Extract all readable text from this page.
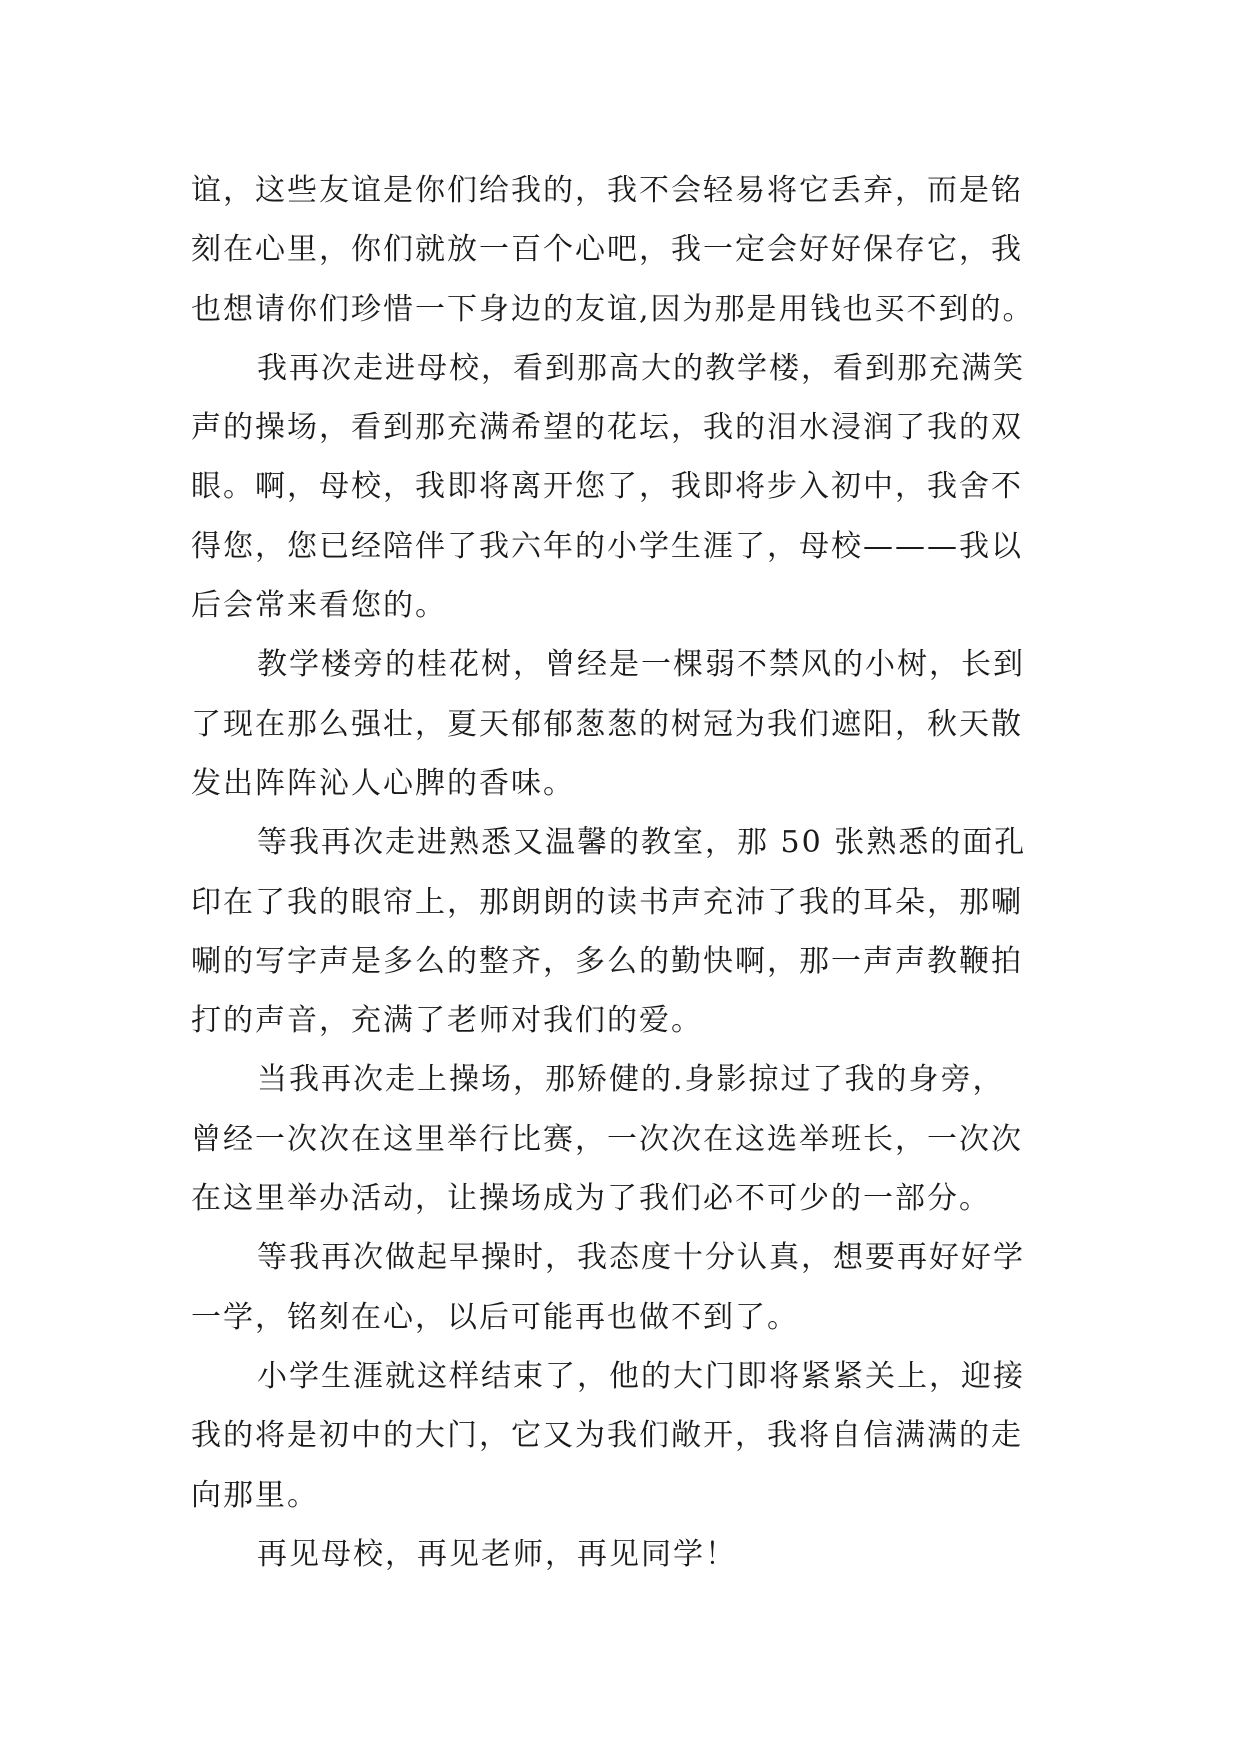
谊，这些友谊是你们给我的，我不会轻易将它丢弃，而是铭
刻在心里，你们就放一百个心吧，我一定会好好保存它，我
也想请你们珍惜一下身边的友谊,因为那是用钱也买不到的。
我再次走进母校，看到那高大的教学楼，看到那充满笑
声的操场，看到那充满希望的花坛，我的泪水浸润了我的双
眼。啊，母校，我即将离开您了，我即将步入初中，我舍不
得您，您已经陪伴了我六年的小学生涯了，母校———我以
后会常来看您的。
教学楼旁的桂花树，曾经是一棵弱不禁风的小树，长到
了现在那么强壮，夏天郁郁葱葱的树冠为我们遮阳，秋天散
发出阵阵沁人心脾的香味。
等我再次走进熟悉又温馨的教室，那 50 张熟悉的面孔
印在了我的眼帘上，那朗朗的读书声充沛了我的耳朵，那唰
唰的写字声是多么的整齐，多么的勤快啊，那一声声教鞭拍
打的声音，充满了老师对我们的爱。
当我再次走上操场，那矫健的.身影掠过了我的身旁，
曾经一次次在这里举行比赛，一次次在这选举班长，一次次
在这里举办活动，让操场成为了我们必不可少的一部分。
等我再次做起早操时，我态度十分认真，想要再好好学
一学，铭刻在心，以后可能再也做不到了。
小学生涯就这样结束了，他的大门即将紧紧关上，迎接
我的将是初中的大门，它又为我们敞开，我将自信满满的走
向那里。
再见母校，再见老师，再见同学！
